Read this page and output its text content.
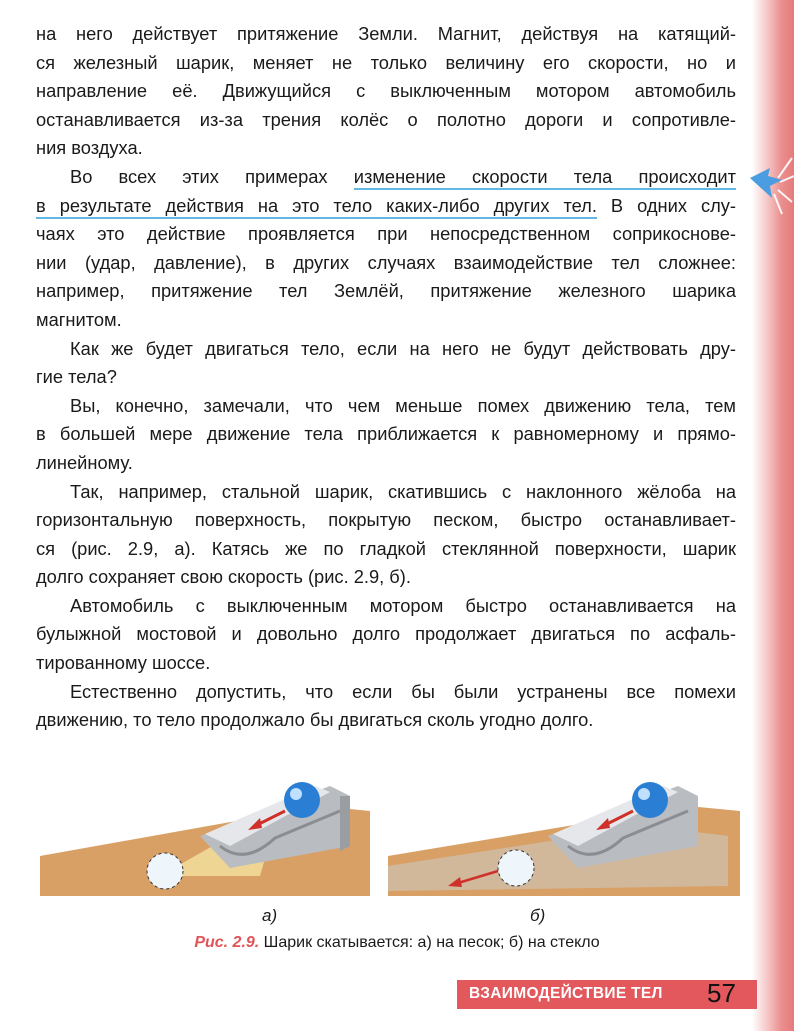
на него действует притяжение Земли. Магнит, действуя на катящий-
ся железный шарик, меняет не только величину его скорости, но и
направление её. Движущийся с выключенным мотором автомобиль
останавливается из-за трения колёс о полотно дороги и сопротивле-
ния воздуха.
Во всех этих примерах изменение скорости тела происходит
в результате действия на это тело каких-либо других тел. В одних слу-
чаях это действие проявляется при непосредственном соприкоснове-
нии (удар, давление), в других случаях взаимодействие тел сложнее:
например, притяжение тел Землёй, притяжение железного шарика
магнитом.
Как же будет двигаться тело, если на него не будут действовать дру-
гие тела?
Вы, конечно, замечали, что чем меньше помех движению тела, тем
в большей мере движение тела приближается к равномерному и прямо-
линейному.
Так, например, стальной шарик, скатившись с наклонного жёлоба на
горизонтальную поверхность, покрытую песком, быстро останавливает-
ся (рис. 2.9, а). Катясь же по гладкой стеклянной поверхности, шарик
долго сохраняет свою скорость (рис. 2.9, б).
Автомобиль с выключенным мотором быстро останавливается на
булыжной мостовой и довольно долго продолжает двигаться по асфаль-
тированному шоссе.
Естественно допустить, что если бы были устранены все помехи
движению, то тело продолжало бы двигаться сколь угодно долго.
а)	б)
Рис. 2.9. Шарик скатывается: а) на песок; б) на стекло
ВЗАИМОДЕЙСТВИЕ ТЕЛ 57
